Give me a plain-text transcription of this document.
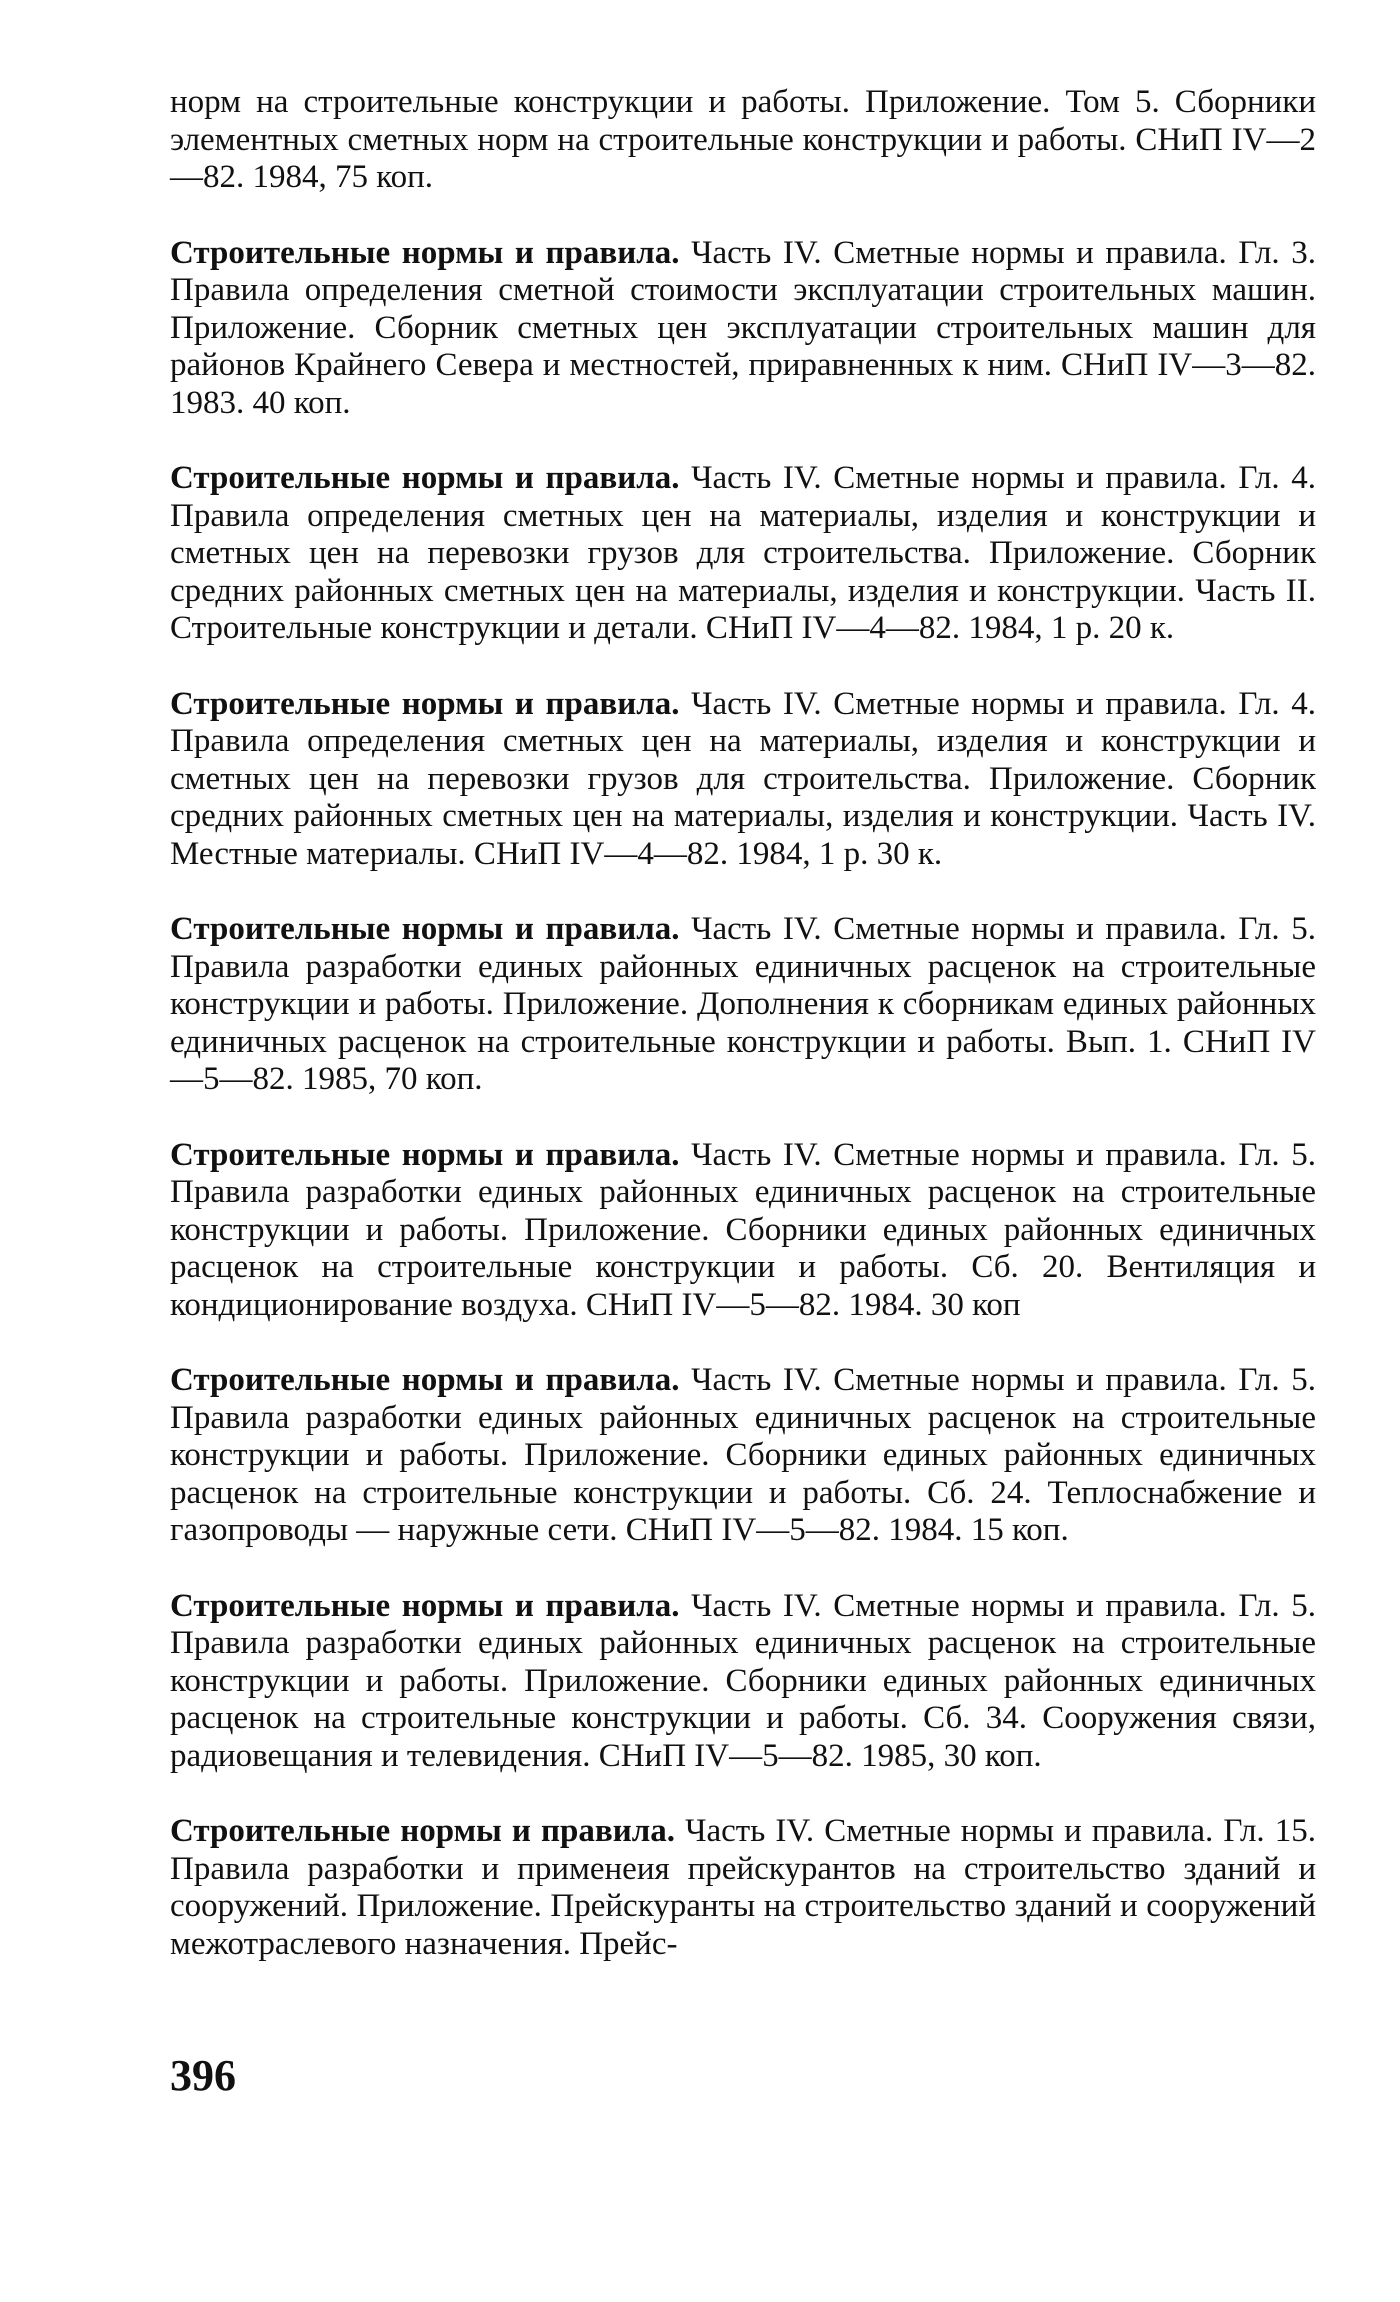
норм на строительные конструкции и работы. Приложение. Том 5. Сборники элементных сметных норм на строительные конструкции и работы. СНиП IV—2—82. 1984, 75 коп.

Строительные нормы и правила. Часть IV. Сметные нормы и правила. Гл. 3. Правила определения сметной стоимости эксплуатации строительных машин. Приложение. Сборник сметных цен эксплуатации строительных машин для районов Крайнего Севера и местностей, приравненных к ним. СНиП IV—3—82. 1983. 40 коп.

Строительные нормы и правила. Часть IV. Сметные нормы и правила. Гл. 4. Правила определения сметных цен на материалы, изделия и конструкции и сметных цен на перевозки грузов для строительства. Приложение. Сборник средних районных сметных цен на материалы, изделия и конструкции. Часть II. Строительные конструкции и детали. СНиП IV—4—82. 1984, 1 р. 20 к.

Строительные нормы и правила. Часть IV. Сметные нормы и правила. Гл. 4. Правила определения сметных цен на материалы, изделия и конструкции и сметных цен на перевозки грузов для строительства. Приложение. Сборник средних районных сметных цен на материалы, изделия и конструкции. Часть IV. Местные материалы. СНиП IV—4—82. 1984, 1 р. 30 к.

Строительные нормы и правила. Часть IV. Сметные нормы и правила. Гл. 5. Правила разработки единых районных единичных расценок на строительные конструкции и работы. Приложение. Дополнения к сборникам единых районных единичных расценок на строительные конструкции и работы. Вып. 1. СНиП IV—5—82. 1985, 70 коп.

Строительные нормы и правила. Часть IV. Сметные нормы и правила. Гл. 5. Правила разработки единых районных единичных расценок на строительные конструкции и работы. Приложение. Сборники единых районных единичных расценок на строительные конструкции и работы. Сб. 20. Вентиляция и кондиционирование воздуха. СНиП IV—5—82. 1984. 30 коп

Строительные нормы и правила. Часть IV. Сметные нормы и правила. Гл. 5. Правила разработки единых районных единичных расценок на строительные конструкции и работы. Приложение. Сборники единых районных единичных расценок на строительные конструкции и работы. Сб. 24. Теплоснабжение и газопроводы — наружные сети. СНиП IV—5—82. 1984. 15 коп.

Строительные нормы и правила. Часть IV. Сметные нормы и правила. Гл. 5. Правила разработки единых районных единичных расценок на строительные конструкции и работы. Приложение. Сборники единых районных единичных расценок на строительные конструкции и работы. Сб. 34. Сооружения связи, радиовещания и телевидения. СНиП IV—5—82. 1985, 30 коп.

Строительные нормы и правила. Часть IV. Сметные нормы и правила. Гл. 15. Правила разработки и применеия прейскурантов на строительство зданий и сооружений. Приложение. Прейскуранты на строительство зданий и сооружений межотраслевого назначения. Прейс-

396
